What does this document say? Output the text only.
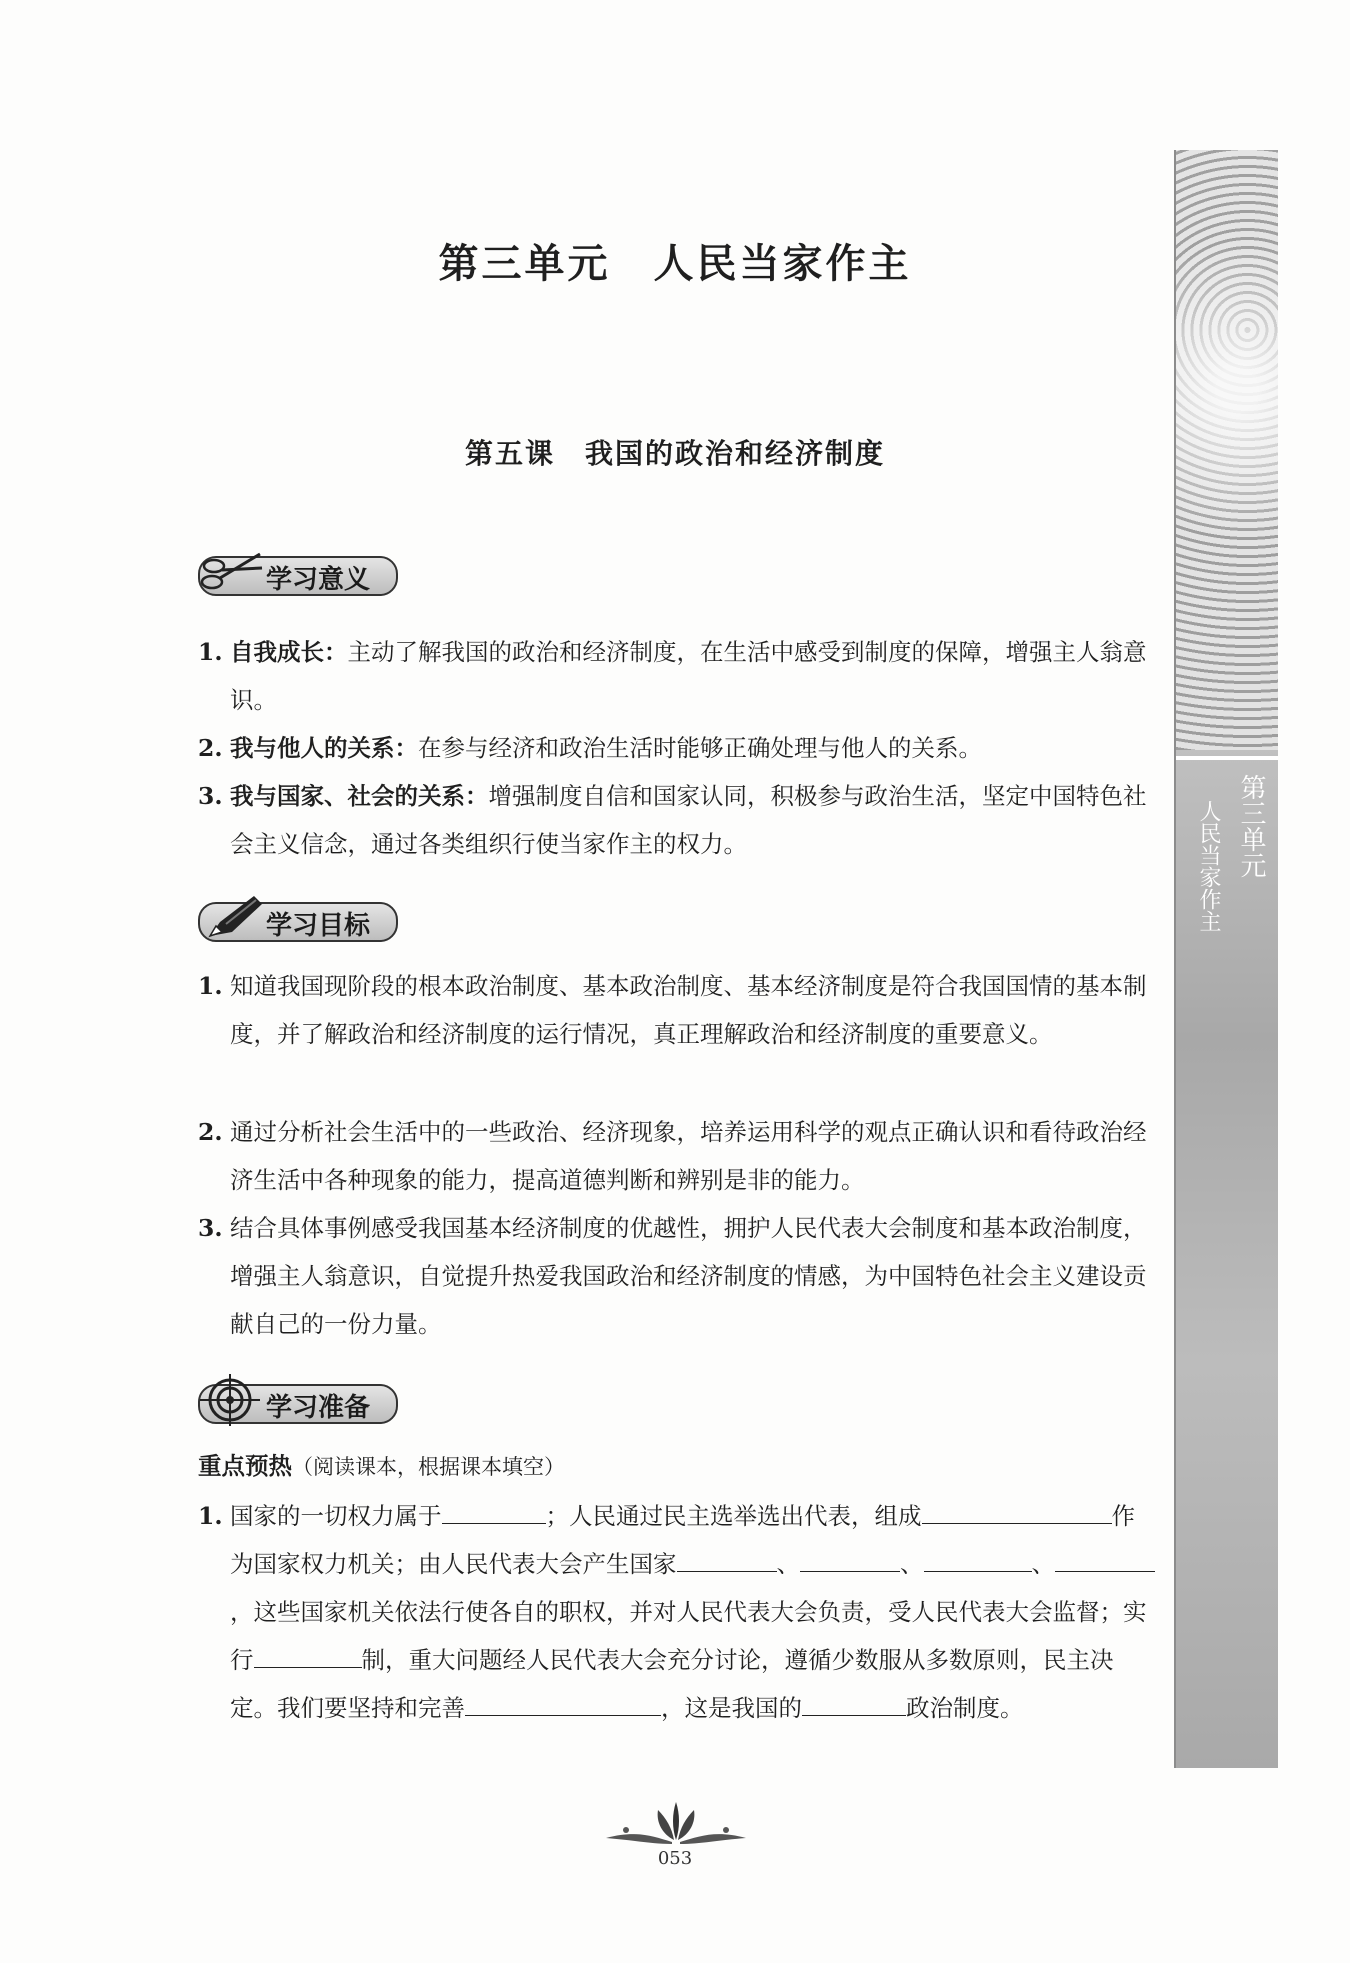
第三单元　人民当家作主
第五课　我国的政治和经济制度
学习意义
1. 自我成长：主动了解我国的政治和经济制度，在生活中感受到制度的保障，增强主人翁意识。
2. 我与他人的关系：在参与经济和政治生活时能够正确处理与他人的关系。
3. 我与国家、社会的关系：增强制度自信和国家认同，积极参与政治生活，坚定中国特色社会主义信念，通过各类组织行使当家作主的权力。
学习目标
1. 知道我国现阶段的根本政治制度、基本政治制度、基本经济制度是符合我国国情的基本制度，并了解政治和经济制度的运行情况，真正理解政治和经济制度的重要意义。
2. 通过分析社会生活中的一些政治、经济现象，培养运用科学的观点正确认识和看待政治经济生活中各种现象的能力，提高道德判断和辨别是非的能力。
3. 结合具体事例感受我国基本经济制度的优越性，拥护人民代表大会制度和基本政治制度，增强主人翁意识，自觉提升热爱我国政治和经济制度的情感，为中国特色社会主义建设贡献自己的一份力量。
学习准备
重点预热（阅读课本，根据课本填空）
1. 国家的一切权力属于	；人民通过民主选举选出代表，组成	作为国家权力机关；由人民代表大会产生国家	、	、	、，这些国家机关依法行使各自的职权，并对人民代表大会负责，受人民代表大会监督；实行	制，重大问题经人民代表大会充分讨论，遵循少数服从多数原则，民主决定。我们要坚持和完善	，这是我国的	政治制度。
第三单元
人民当家作主
053
